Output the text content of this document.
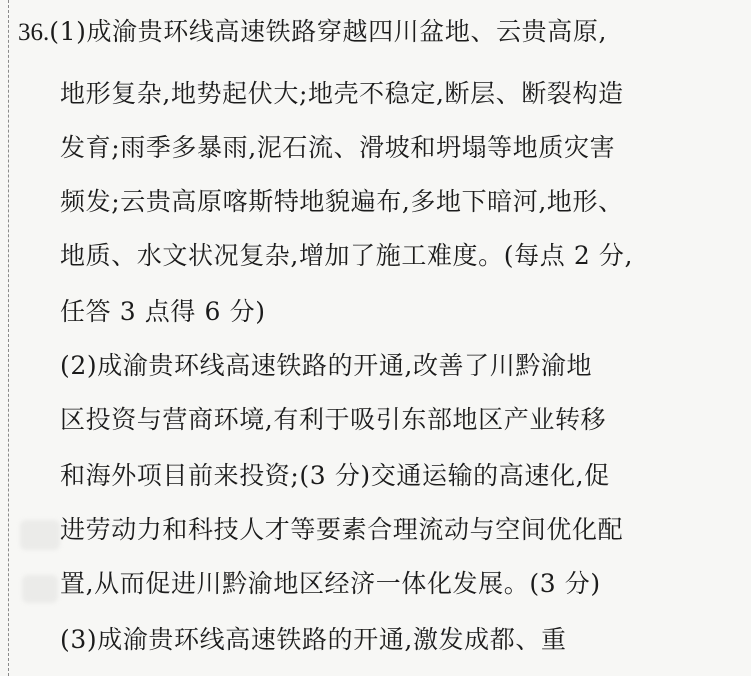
36.(1)成渝贵环线高速铁路穿越四川盆地、云贵高原,
地形复杂,地势起伏大;地壳不稳定,断层、断裂构造
发育;雨季多暴雨,泥石流、滑坡和坍塌等地质灾害
频发;云贵高原喀斯特地貌遍布,多地下暗河,地形、
地质、水文状况复杂,增加了施工难度。(每点 2 分,
任答 3 点得 6 分)
(2)成渝贵环线高速铁路的开通,改善了川黔渝地
区投资与营商环境,有利于吸引东部地区产业转移
和海外项目前来投资;(3 分)交通运输的高速化,促
进劳动力和科技人才等要素合理流动与空间优化配
置,从而促进川黔渝地区经济一体化发展。(3 分)
(3)成渝贵环线高速铁路的开通,激发成都、重
